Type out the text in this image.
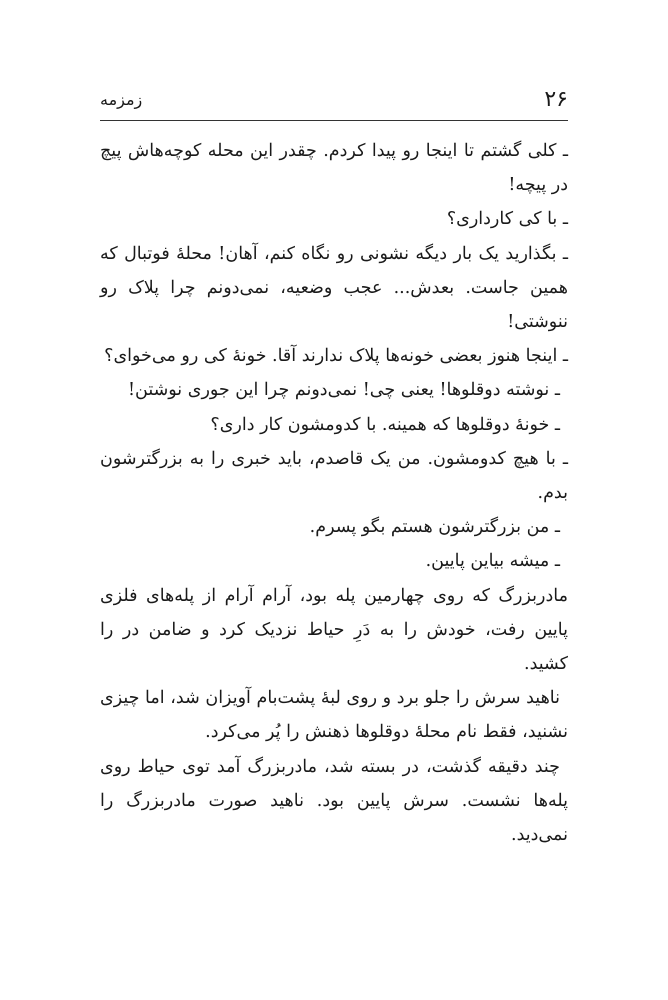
۲۶
زمزمه

ـ کلی گشتم تا اینجا رو پیدا کردم. چقدر این محله کوچه‌هاش پیچ در پیچه!

ـ با کی کارداری؟

ـ بگذارید یک بار دیگه نشونی رو نگاه کنم، آهان! محلهٔ فوتبال که همین جاست. بعدش... عجب وضعیه، نمی‌دونم چرا پلاک رو ننوشتی!

ـ اینجا هنوز بعضی خونه‌ها پلاک ندارند آقا. خونهٔ کی رو می‌خوای؟

ـ نوشته دوقلوها! یعنی چی! نمی‌دونم چرا این جوری نوشتن!

ـ خونهٔ دوقلوها که همینه. با کدومشون کار داری؟

ـ با هیچ کدومشون. من یک قاصدم، باید خبری را به بزرگترشون بدم.

ـ من بزرگترشون هستم بگو پسرم.

ـ میشه بیاین پایین.

مادربزرگ که روی چهارمین پله بود، آرام آرام از پله‌های فلزی پایین رفت، خودش را به دَرِ حیاط نزدیک کرد و ضامن در را کشید.

ناهید سرش را جلو برد و روی لبهٔ پشت‌بام آویزان شد، اما چیزی نشنید، فقط نام محلهٔ دوقلوها ذهنش را پُر می‌کرد.

چند دقیقه گذشت، در بسته شد، مادربزرگ آمد توی حیاط روی پله‌ها نشست. سرش پایین بود. ناهید صورت مادربزرگ را نمی‌دید.
